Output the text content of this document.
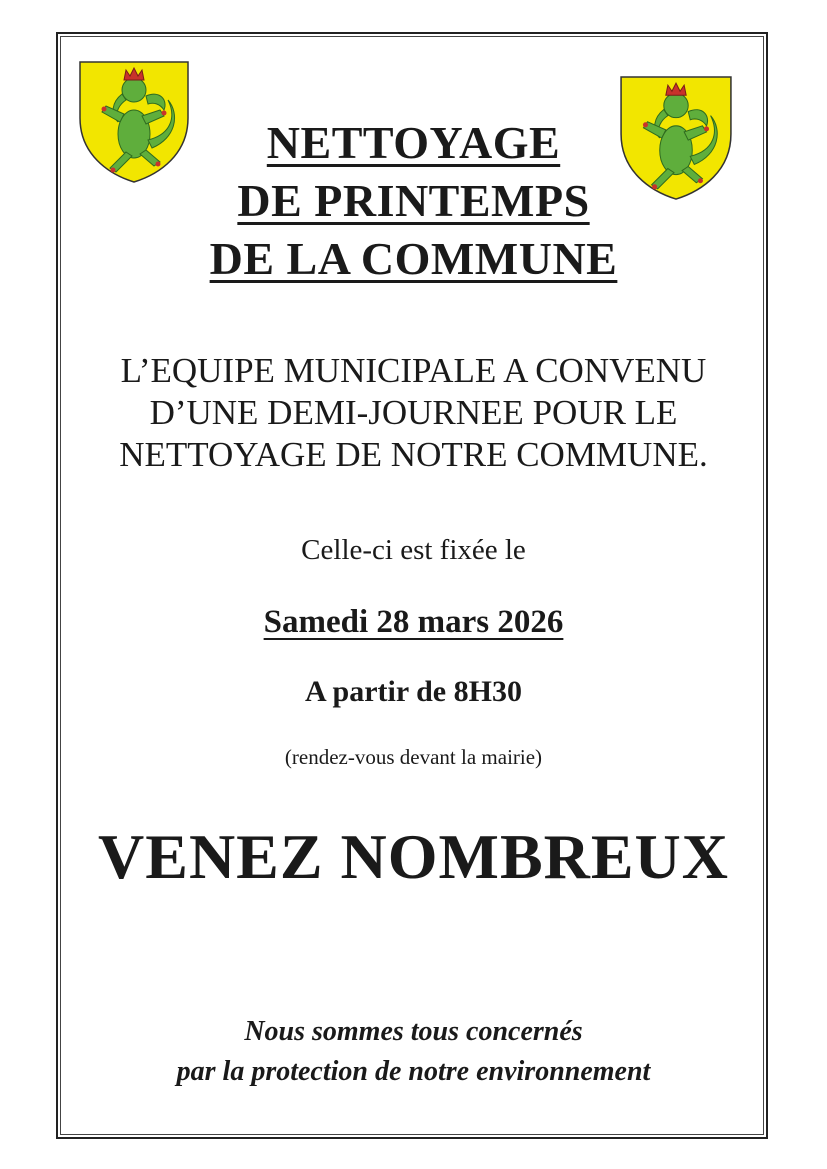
NETTOYAGE
DE PRINTEMPS
DE LA COMMUNE
L’EQUIPE MUNICIPALE A CONVENU
D’UNE DEMI-JOURNEE POUR LE
NETTOYAGE DE NOTRE COMMUNE.
Celle-ci est fixée le
Samedi 28 mars 2026
A partir de 8H30
(rendez-vous devant la mairie)
VENEZ NOMBREUX
Nous sommes tous concernés
par la protection de notre environnement
